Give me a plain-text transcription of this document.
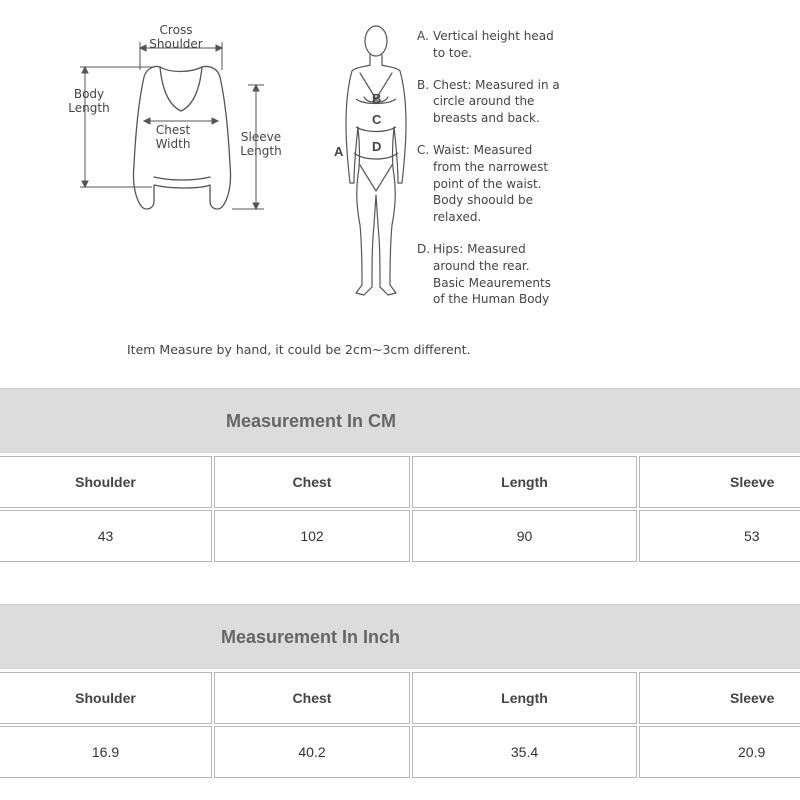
Cross
Shoulder
Body
Length
Chest
Width	Sleeve
Length
B
C
D
A
A. Vertical height head
to toe.
B. Chest: Measured in a
circle around the
breasts and back.
C. Waist: Measured
from the narrowest
point of the waist.
Body shoould be
relaxed.
D. Hips: Measured
around the rear.
Basic Meaurements
of the Human Body
Item Measure by hand, it could be 2cm~3cm different.
Measurement In CM
Shoulder	Chest	Length	Sleeve
43	102	90	53
Measurement In Inch
Shoulder	Chest	Length	Sleeve
16.9	40.2	35.4	20.9
